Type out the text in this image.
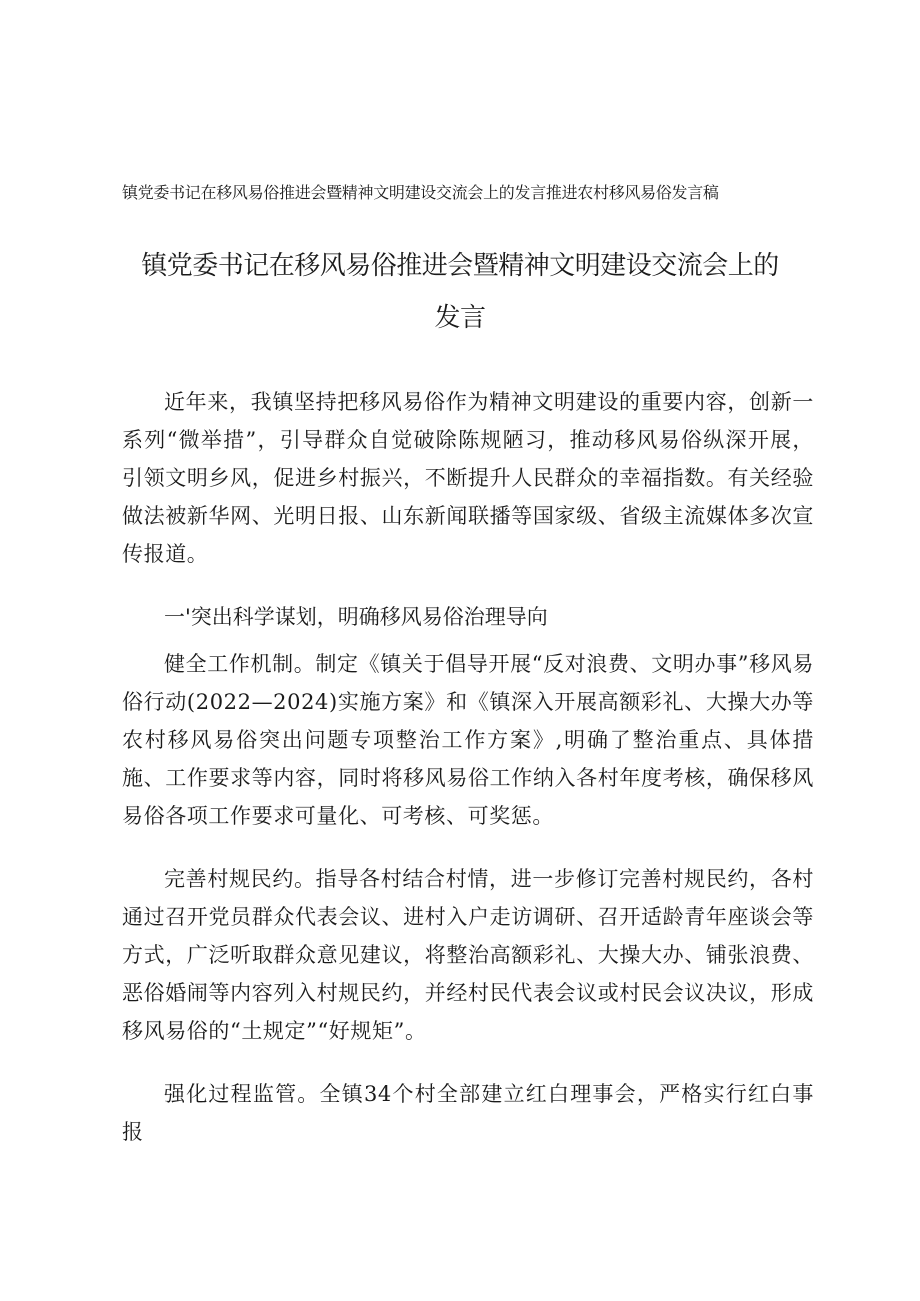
镇党委书记在移风易俗推进会暨精神文明建设交流会上的发言推进农村移风易俗发言稿
镇党委书记在移风易俗推进会暨精神文明建设交流会上的发言

近年来，我镇坚持把移风易俗作为精神文明建设的重要内容，创新一系列“微举措”，引导群众自觉破除陈规陋习，推动移风易俗纵深开展，引领文明乡风，促进乡村振兴，不断提升人民群众的幸福指数。有关经验做法被新华网、光明日报、山东新闻联播等国家级、省级主流媒体多次宣传报道。

一'突出科学谋划，明确移风易俗治理导向

健全工作机制。制定《镇关于倡导开展“反对浪费、文明办事”移风易俗行动(2022—2024)实施方案》和《镇深入开展高额彩礼、大操大办等农村移风易俗突出问题专项整治工作方案》,明确了整治重点、具体措施、工作要求等内容，同时将移风易俗工作纳入各村年度考核，确保移风易俗各项工作要求可量化、可考核、可奖惩。

完善村规民约。指导各村结合村情，进一步修订完善村规民约，各村通过召开党员群众代表会议、进村入户走访调研、召开适龄青年座谈会等方式，广泛听取群众意见建议，将整治高额彩礼、大操大办、铺张浪费、恶俗婚闹等内容列入村规民约，并经村民代表会议或村民会议决议，形成移风易俗的“土规定”“好规矩”。

强化过程监管。全镇34个村全部建立红白理事会，严格实行红白事报
